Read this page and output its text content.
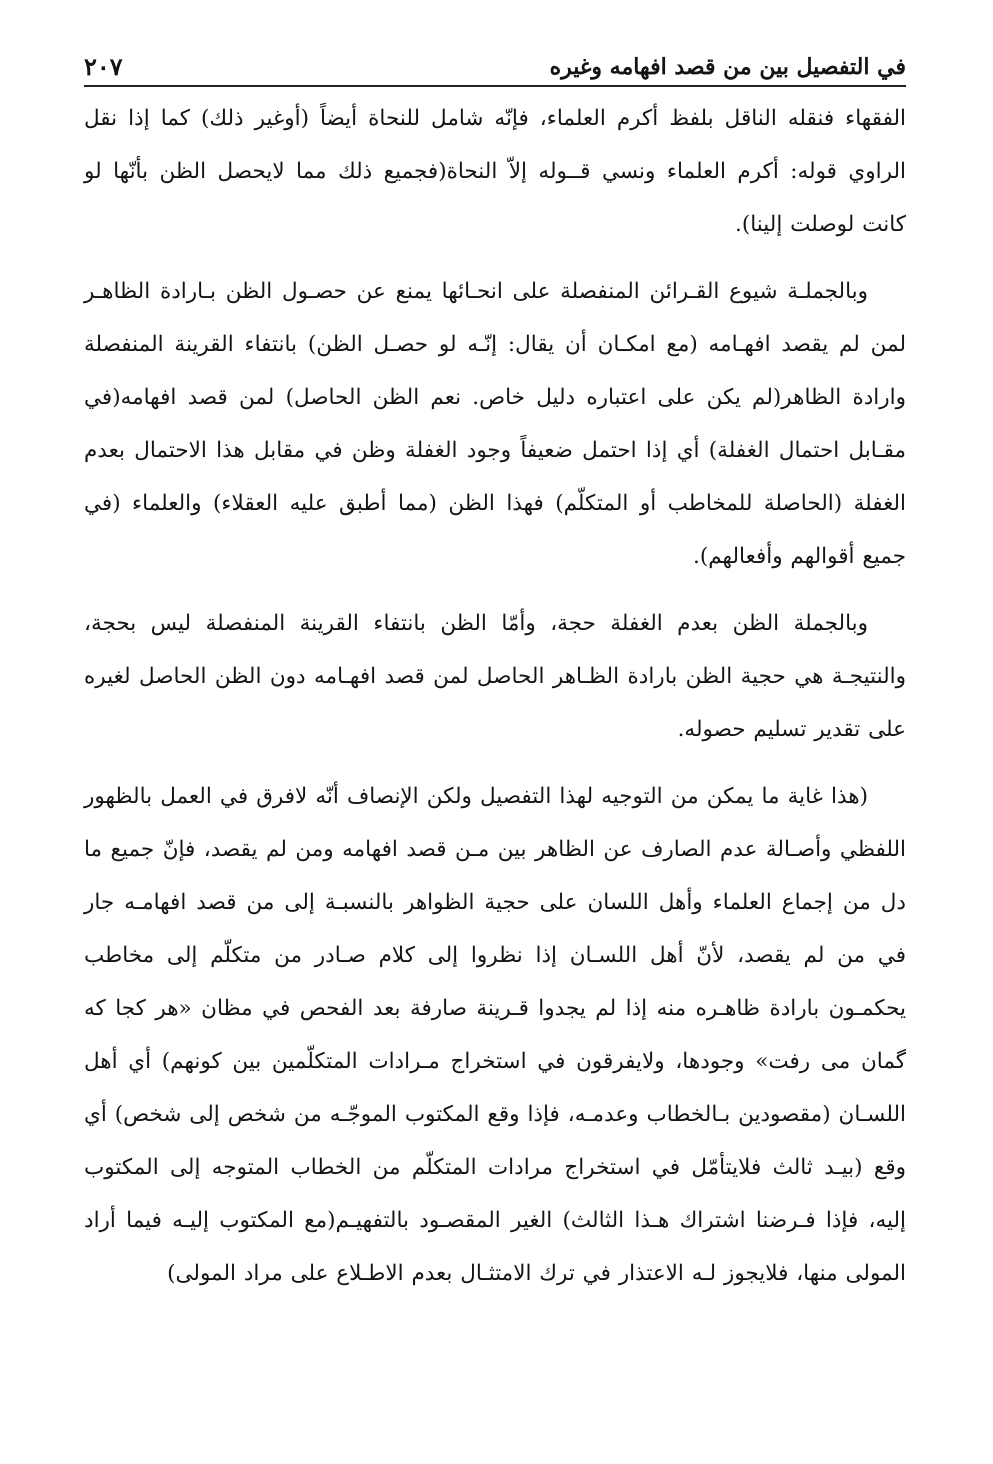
في التفصيل بين من قصد افهامه وغيره
٢٠٧

الفقهاء فنقله الناقل بلفظ أكرم العلماء، فإنّه شامل للنحاة أيضاً (أوغير ذلك) كما إذا نقل الراوي قوله: أكرم العلماء ونسي قــوله إلاّ النحاة(فجميع ذلك مما لايحصل الظن بأنّها لو كانت لوصلت إلينا).

وبالجملـة شيوع القـرائن المنفصلة على انحـائها يمنع عن حصـول الظن بـارادة الظاهـر لمن لم يقصد افهـامه (مع امكـان أن يقال: إنّـه لو حصـل الظن) بانتفاء القرينة المنفصلة وارادة الظاهر(لم يكن على اعتباره دليل خاص. نعم الظن الحاصل) لمن قصد افهامه(في مقـابل احتمال الغفلة) أي إذا احتمل ضعيفاً وجود الغفلة وظن في مقابل هذا الاحتمال بعدم الغفلة (الحاصلة للمخاطب أو المتكلّم) فهذا الظن (مما أطبق عليه العقلاء) والعلماء (في جميع أقوالهم وأفعالهم).

وبالجملة الظن بعدم الغفلة حجة، وأمّا الظن بانتفاء القرينة المنفصلة ليس بحجة، والنتيجـة هي حجية الظن بارادة الظـاهر الحاصل لمن قصد افهـامه دون الظن الحاصل لغيره على تقدير تسليم حصوله.

(هذا غاية ما يمكن من التوجيه لهذا التفصيل ولكن الإنصاف أنّه لافرق في العمل بالظهور اللفظي وأصـالة عدم الصارف عن الظاهر بين مـن قصد افهامه ومن لم يقصد، فإنّ جميع ما دل من إجماع العلماء وأهل اللسان على حجية الظواهر بالنسبـة إلى من قصد افهامـه جار في من لم يقصد، لأنّ أهل اللسـان إذا نظروا إلى كلام صـادر من متكلّم إلى مخاطب يحكمـون بارادة ظاهـره منه إذا لم يجدوا قـرينة صارفة بعد الفحص في مظان «هر كجا كه گمان مى رفت» وجودها، ولايفرقون في استخراج مـرادات المتكلّمين بين كونهم) أي أهل اللسـان (مقصودين بـالخطاب وعدمـه، فإذا وقع المكتوب الموجّـه من شخص إلى شخص) أي وقع (بيـد ثالث فلايتأمّل في استخراج مرادات المتكلّم من الخطاب المتوجه إلى المكتوب إليه، فإذا فـرضنا اشتراك هـذا الثالث) الغير المقصـود بالتفهيـم(مع المكتوب إليـه فيما أراد المولى منها، فلايجوز لـه الاعتذار في ترك الامتثـال بعدم الاطـلاع على مراد المولى)
